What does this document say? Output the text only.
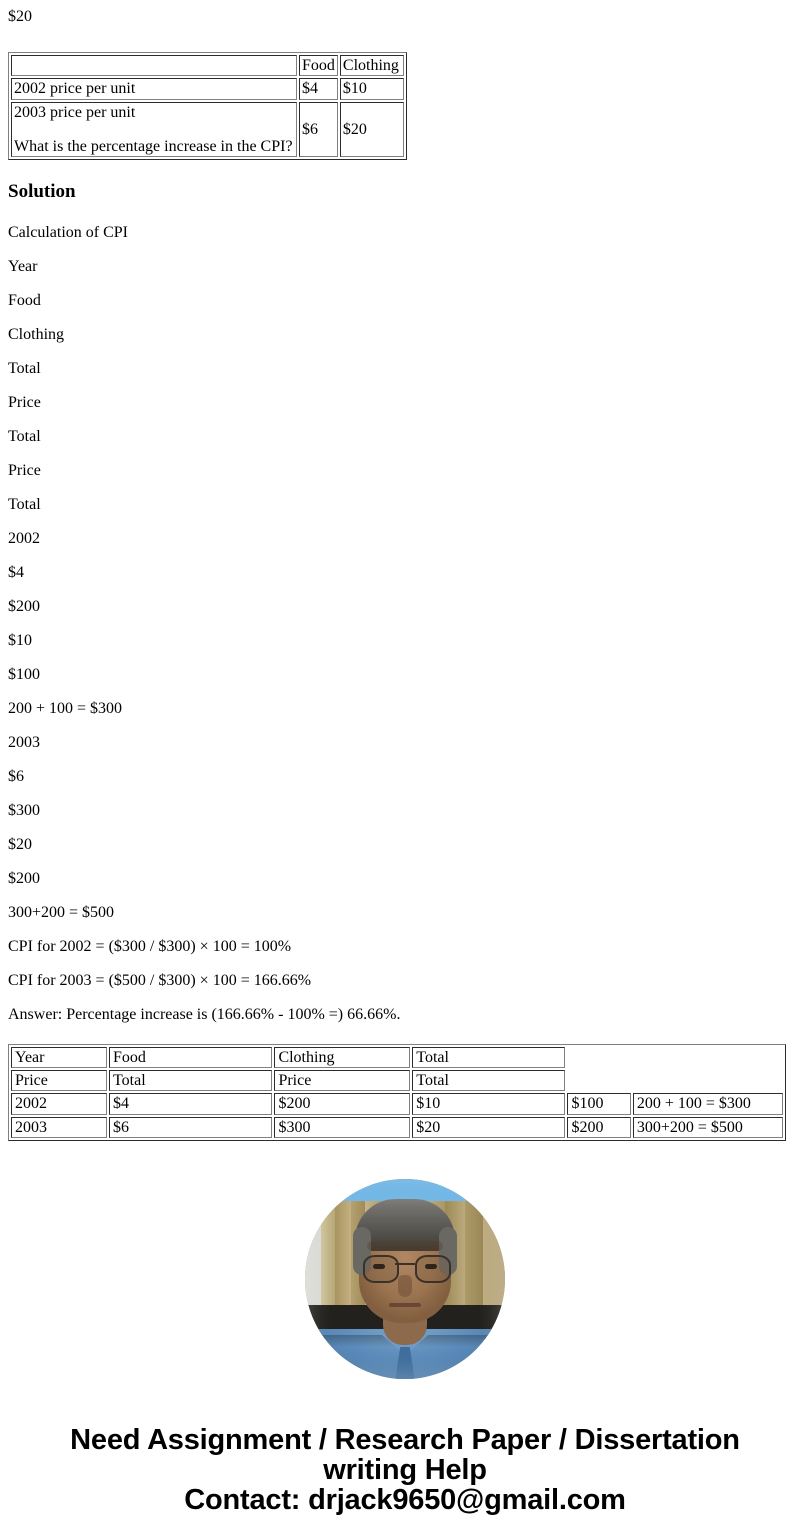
$20
	Food	Clothing
2002 price per unit	$4	$10

2003 price per unit

What is the percentage increase in the CPI?	$6	$20
Solution
Calculation of CPI
Year
Food
Clothing
Total
Price
Total
Price
Total
2002
$4
$200
$10
$100
200 + 100 = $300
2003
$6
$300
$20
$200
300+200 = $500
CPI for 2002 = ($300 / $300) × 100 = 100%
CPI for 2003 = ($500 / $300) × 100 = 166.66%
Answer: Percentage increase is (166.66% - 100% =) 66.66%.
Year	Food	Clothing	Total		
Price	Total	Price	Total		
2002	$4	$200	$10	$100	200 + 100 = $300
2003	$6	$300	$20	$200	300+200 = $500
Need Assignment / Research Paper / Dissertation
writing Help
Contact: drjack9650@gmail.com
